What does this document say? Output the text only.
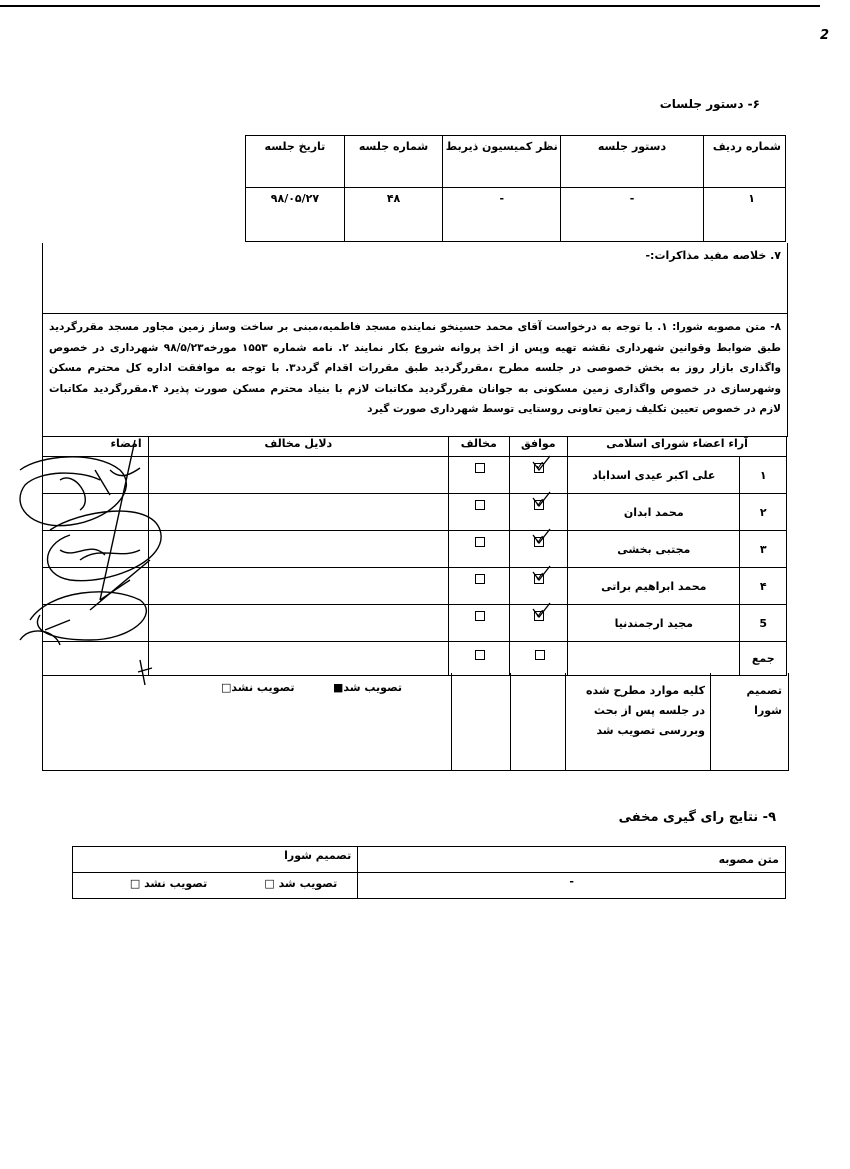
2
۶- دستور جلسات
شماره ردیف	دستور جلسه	نظر کمیسیون ذیربط	شماره جلسه	تاریخ جلسه
۱	-	-	۴۸	۹۸/۰۵/۲۷
۷. خلاصه مفید مذاکرات:-
۸- متن مصوبه شورا: ۱. با توجه به درخواست آقای محمد حسینخو نماینده مسجد فاطمیه،مبنی بر ساخت وساز زمین مجاور مسجد مقررگردید طبق ضوابط وقوانین شهرداری نقشه تهیه وپس از اخذ پروانه شروع بکار نمایند ۲. نامه شماره ۱۵۵۳ مورخه۹۸/۵/۲۳ شهرداری در خصوص واگذاری بازار روز به بخش خصوصی در جلسه مطرح ،مقررگردید طبق مقررات اقدام گردد۳. با توجه به موافقت اداره کل محترم مسکن وشهرسازی در خصوص واگذاری زمین مسکونی به جوانان مقررگردید مکاتبات لازم با بنیاد محترم مسکن صورت پذیرد ۴.مقررگردید مکاتبات لازم در خصوص تعیین تکلیف زمین تعاونی روستایی توسط شهرداری صورت گیرد
آراء اعضاء شورای اسلامی		موافق	مخالف	دلایل مخالف	امضاء
۱	علی اکبر عیدی اسداباد	✓			

۲	محمد ابدان	✓			

۳	مجتبی بخشی	✓			

۴	محمد ابراهیم براتی	✓			

5	مجید ارجمندنیا	✓			

جمع		

تصمیم شورا
کلیه موارد مطرح شده در جلسه پس از بحث وبررسی تصویب شد
تصویب شد■
تصویب نشد□
۹- نتایج رای گیری مخفی
متن مصوبه	تصمیم شورا
-	تصویب شد □
تصویب نشد □
